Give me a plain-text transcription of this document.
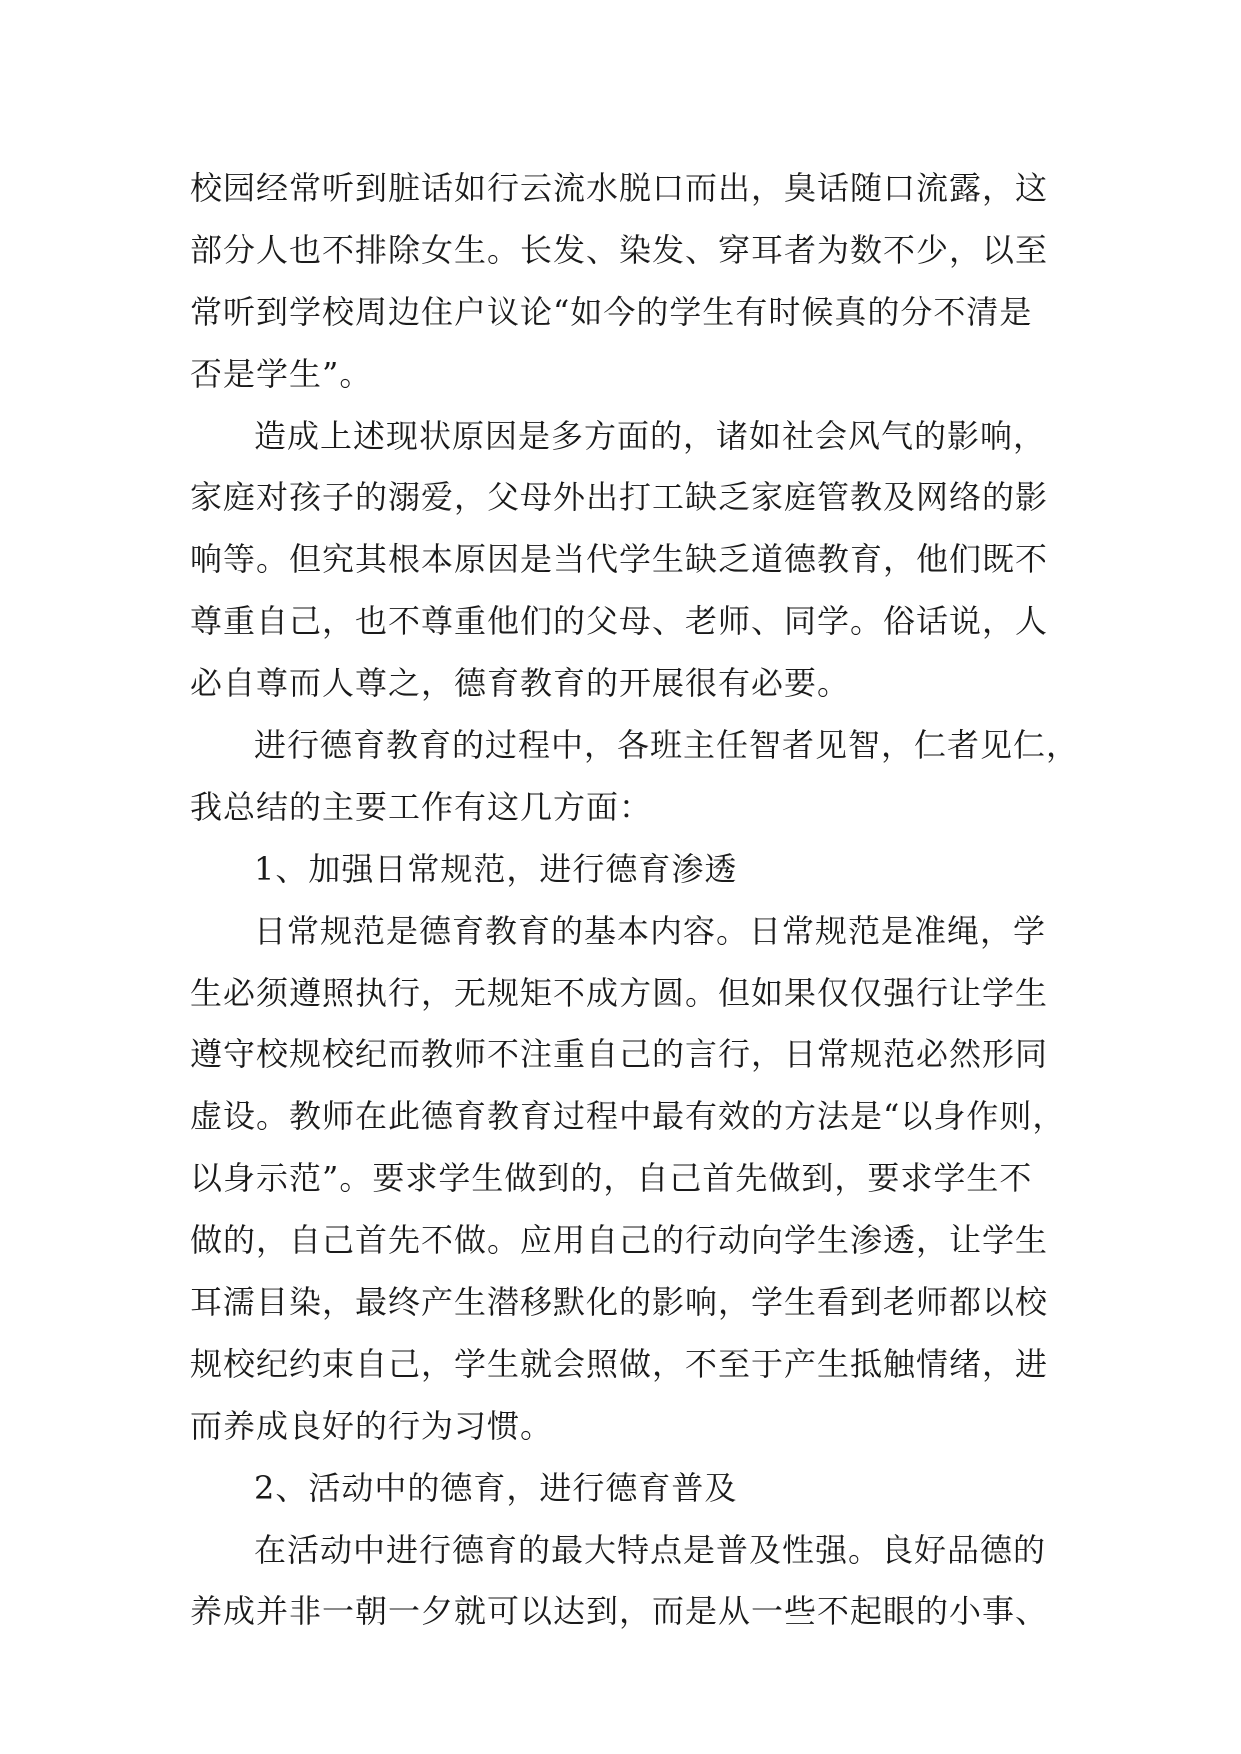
校园经常听到脏话如行云流水脱口而出，臭话随口流露，这
部分人也不排除女生。长发、染发、穿耳者为数不少，以至
常听到学校周边住户议论“如今的学生有时候真的分不清是
否是学生”。
造成上述现状原因是多方面的，诸如社会风气的影响，
家庭对孩子的溺爱，父母外出打工缺乏家庭管教及网络的影
响等。但究其根本原因是当代学生缺乏道德教育，他们既不
尊重自己，也不尊重他们的父母、老师、同学。俗话说，人
必自尊而人尊之，德育教育的开展很有必要。
进行德育教育的过程中，各班主任智者见智，仁者见仁，
我总结的主要工作有这几方面：
1、加强日常规范，进行德育渗透
日常规范是德育教育的基本内容。日常规范是准绳，学
生必须遵照执行，无规矩不成方圆。但如果仅仅强行让学生
遵守校规校纪而教师不注重自己的言行，日常规范必然形同
虚设。教师在此德育教育过程中最有效的方法是“以身作则，
以身示范”。要求学生做到的，自己首先做到，要求学生不
做的，自己首先不做。应用自己的行动向学生渗透，让学生
耳濡目染，最终产生潜移默化的影响，学生看到老师都以校
规校纪约束自己，学生就会照做，不至于产生抵触情绪，进
而养成良好的行为习惯。
2、活动中的德育，进行德育普及
在活动中进行德育的最大特点是普及性强。良好品德的
养成并非一朝一夕就可以达到，而是从一些不起眼的小事、
